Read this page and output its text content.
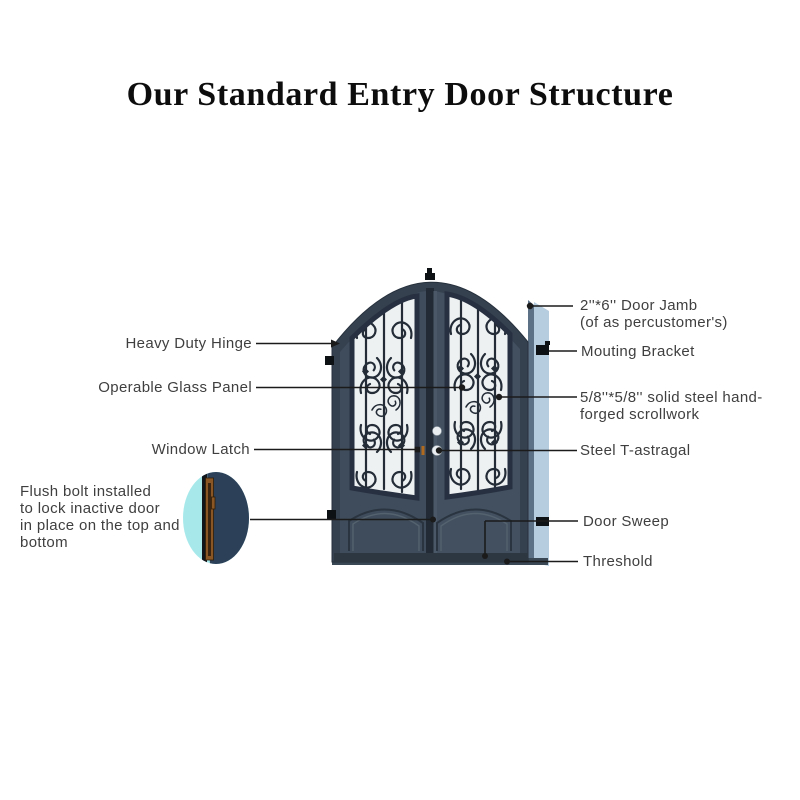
Our Standard Entry Door Structure
Heavy Duty Hinge
Operable Glass Panel
Window Latch
Flush bolt installed
to lock inactive door
in place on the top and
bottom
2''*6'' Door Jamb
(of as percustomer's)
Mouting Bracket
5/8''*5/8'' solid steel hand-
forged scrollwork
Steel T-astragal
Door Sweep
Threshold
